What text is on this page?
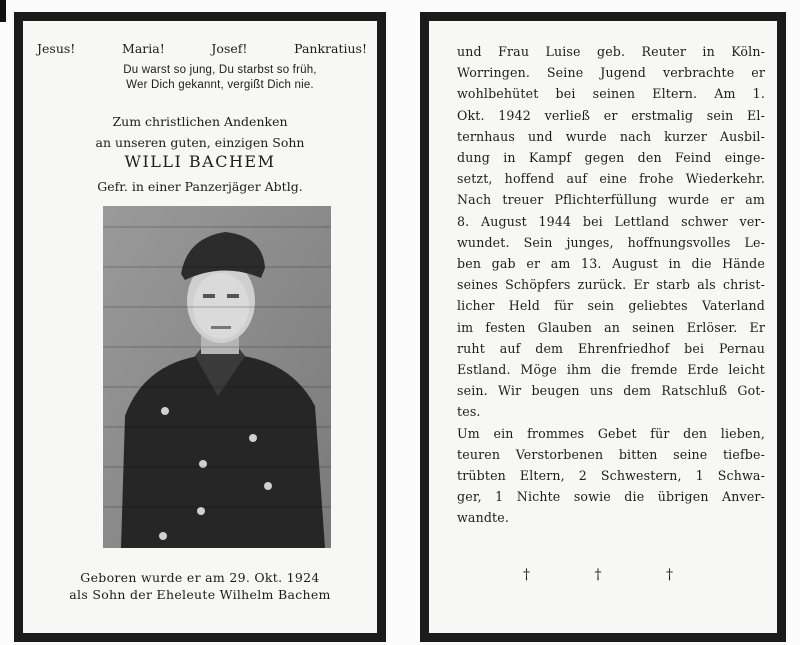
Jesus!	Maria!	Josef!	Pankratius!
Du warst so jung, Du starbst so früh,
Wer Dich gekannt, vergißt Dich nie.
Zum christlichen Andenken
an unseren guten, einzigen Sohn
WILLI BACHEM
Gefr. in einer Panzerjäger Abtlg.
Geboren wurde er am 29. Okt. 1924
als Sohn der Eheleute Wilhelm Bachem
und Frau Luise geb. Reuter in Köln-
Worringen. Seine Jugend verbrachte er
wohlbehütet bei seinen Eltern. Am 1.
Okt. 1942 verließ er erstmalig sein El-
ternhaus und wurde nach kurzer Ausbil-
dung in Kampf gegen den Feind einge-
setzt, hoffend auf eine frohe Wiederkehr.
Nach treuer Pflichterfüllung wurde er am
8. August 1944 bei Lettland schwer ver-
wundet. Sein junges, hoffnungsvolles Le-
ben gab er am 13. August in die Hände
seines Schöpfers zurück. Er starb als christ-
licher Held für sein geliebtes Vaterland
im festen Glauben an seinen Erlöser. Er
ruht auf dem Ehrenfriedhof bei Pernau
Estland. Möge ihm die fremde Erde leicht
sein. Wir beugen uns dem Ratschluß Got-
tes.
Um ein frommes Gebet für den lieben,
teuren Verstorbenen bitten seine tiefbe-
trübten Eltern, 2 Schwestern, 1 Schwa-
ger, 1 Nichte sowie die übrigen Anver-
wandte.
† † †
